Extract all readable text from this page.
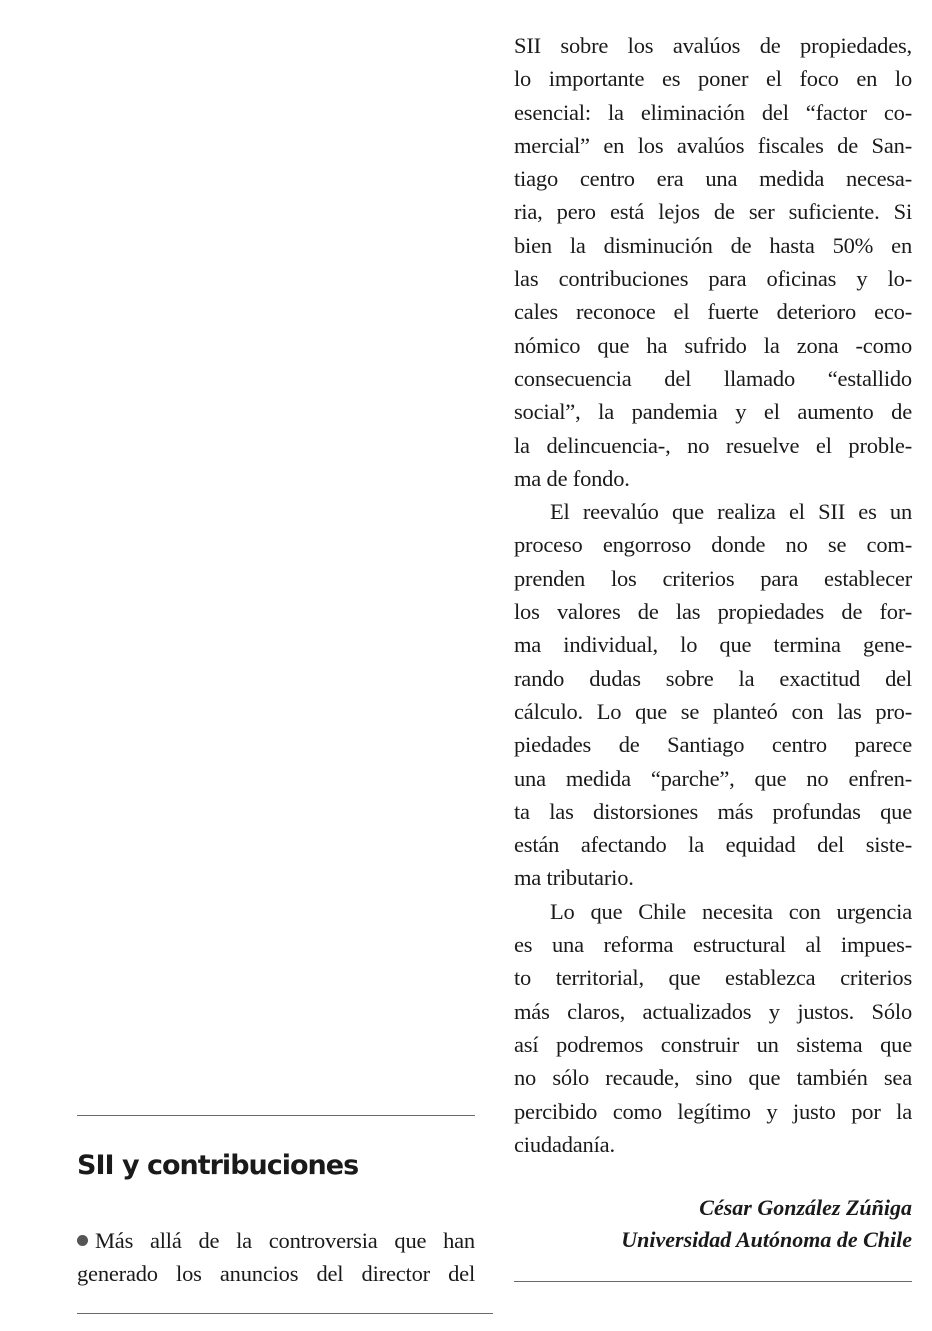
SII sobre los avalúos de propiedades,
lo importante es poner el foco en lo
esencial: la eliminación del “factor co-
mercial” en los avalúos fiscales de San-
tiago centro era una medida necesa-
ria, pero está lejos de ser suficiente. Si
bien la disminución de hasta 50% en
las contribuciones para oficinas y lo-
cales reconoce el fuerte deterioro eco-
nómico que ha sufrido la zona -como
consecuencia del llamado “estallido
social”, la pandemia y el aumento de
la delincuencia-, no resuelve el proble-
ma de fondo.
El reevalúo que realiza el SII es un
proceso engorroso donde no se com-
prenden los criterios para establecer
los valores de las propiedades de for-
ma individual, lo que termina gene-
rando dudas sobre la exactitud del
cálculo. Lo que se planteó con las pro-
piedades de Santiago centro parece
una medida “parche”, que no enfren-
ta las distorsiones más profundas que
están afectando la equidad del siste-
ma tributario.
Lo que Chile necesita con urgencia
es una reforma estructural al impues-
to territorial, que establezca criterios
más claros, actualizados y justos. Sólo
así podremos construir un sistema que
no sólo recaude, sino que también sea
percibido como legítimo y justo por la
ciudadanía.
César González Zúñiga
Universidad Autónoma de Chile
SII y contribuciones
Más allá de la controversia que han
generado los anuncios del director del
